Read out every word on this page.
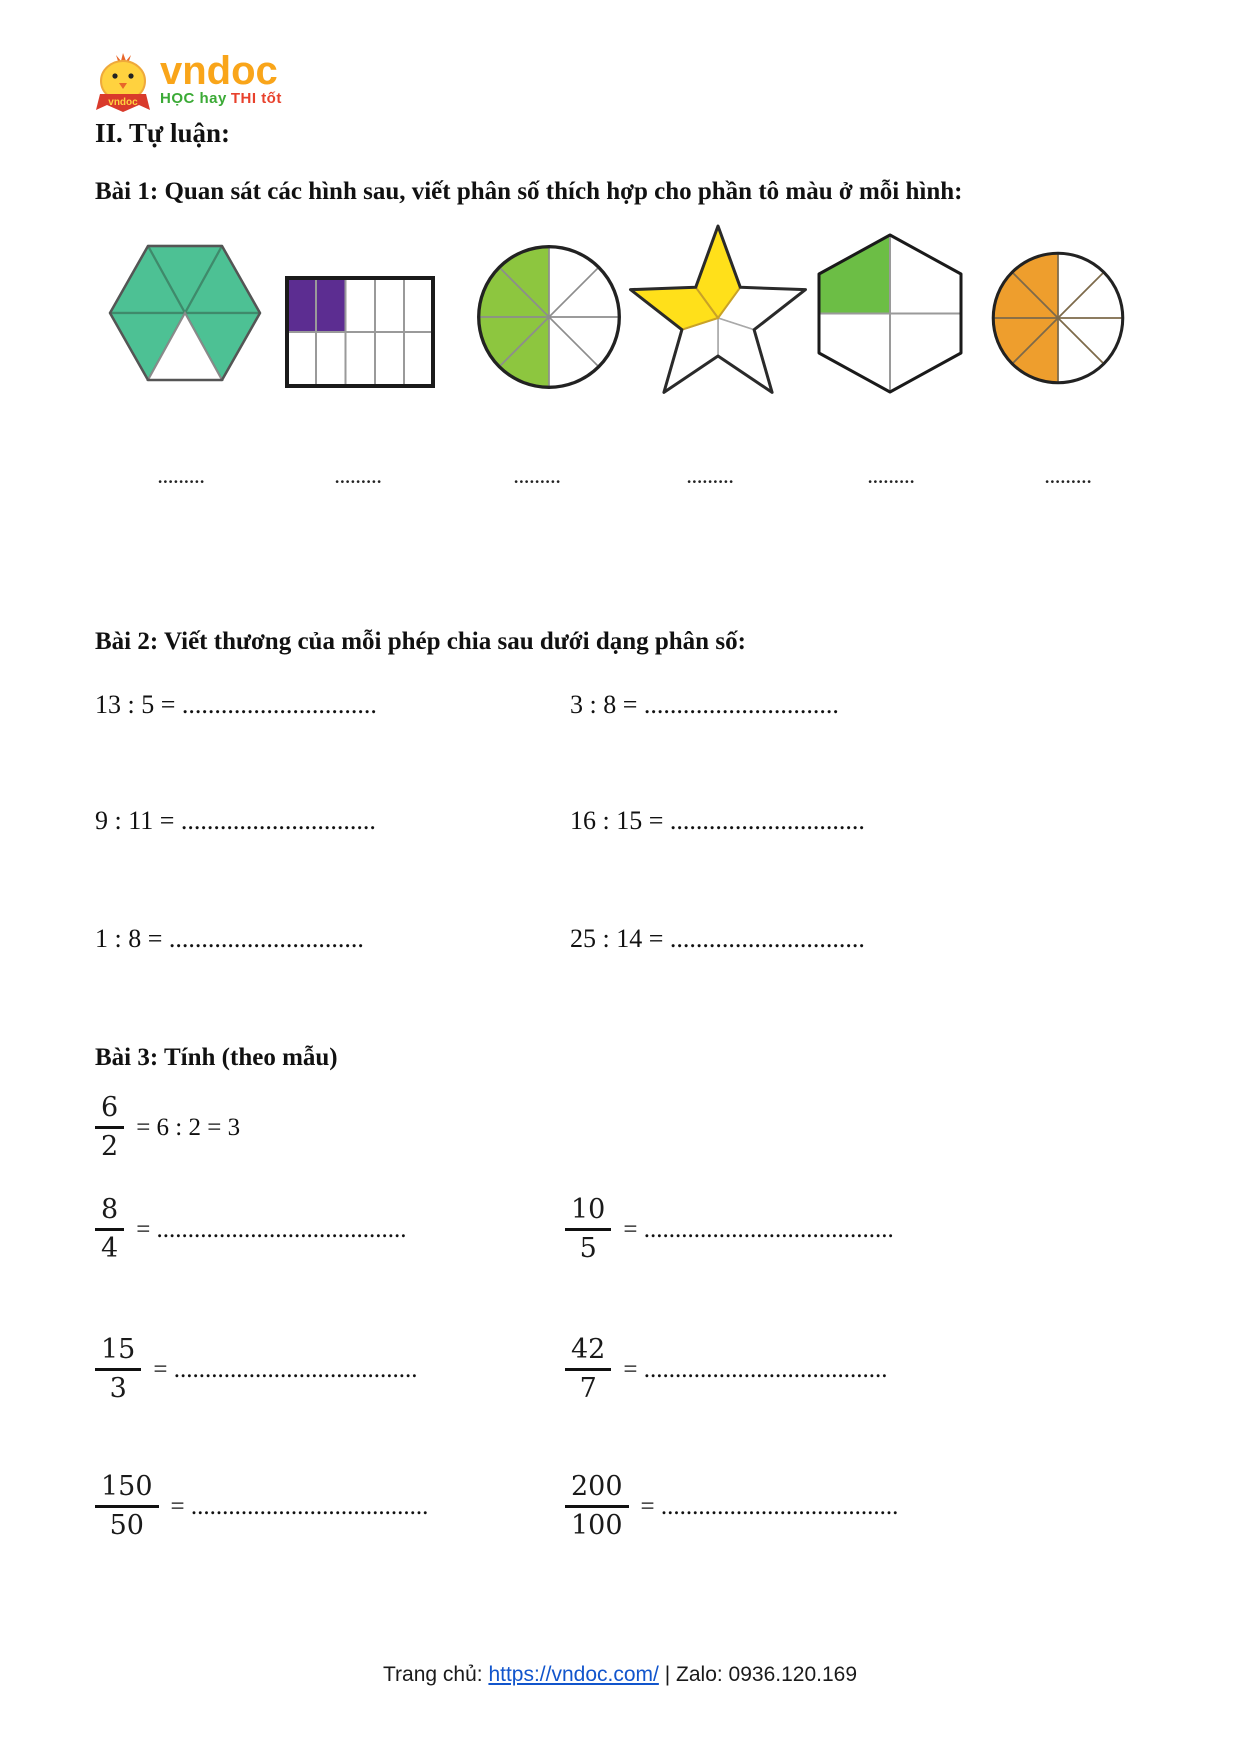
vndoc
vndoc
HỌC hay THI tốt
II. Tự luận:
Bài 1: Quan sát các hình sau, viết phân số thích hợp cho phần tô màu ở mỗi hình:
.........	.........	.........	.........	.........	.........
Bài 2: Viết thương của mỗi phép chia sau dưới dạng phân số:
13 : 5 = ..............................	3 : 8 = ..............................
9 : 11 = ..............................	16 : 15 = ..............................
1 : 8 = ..............................	25 : 14 = ..............................
Bài 3: Tính (theo mẫu)
$\frac{6}{2} = 6$ : 2 = 3
$\frac{8}{4}$ = ........................................	$\frac{10}{5}$ = ........................................
$\frac{15}{3}$ = .......................................	$\frac{42}{7}$ = .......................................
$\frac{150}{50}$ = ......................................	$\frac{200}{100}$ = ......................................
Trang chủ: https://vndoc.com/ | Zalo: 0936.120.169
